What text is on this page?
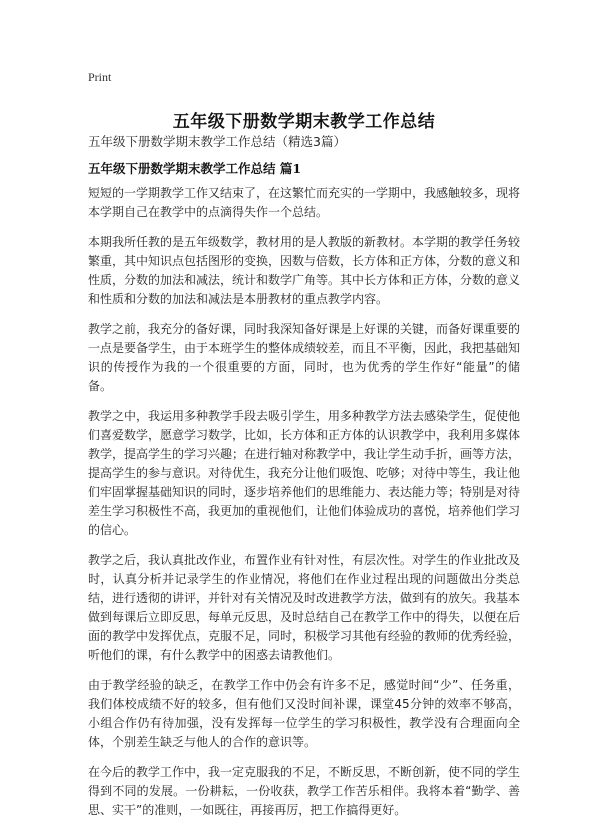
Print
五年级下册数学期末教学工作总结
五年级下册数学期末教学工作总结（精选3篇）
五年级下册数学期末教学工作总结 篇1

短短的一学期教学工作又结束了，在这繁忙而充实的一学期中，我感触较多，现将本学期自己在教学中的点滴得失作一个总结。

本期我所任教的是五年级数学，教材用的是人教版的新教材。本学期的教学任务较繁重，其中知识点包括图形的变换，因数与倍数，长方体和正方体，分数的意义和性质，分数的加法和减法，统计和数学广角等。其中长方体和正方体，分数的意义和性质和分数的加法和减法是本册教材的重点教学内容。

教学之前，我充分的备好课，同时我深知备好课是上好课的关键，而备好课重要的一点是要备学生，由于本班学生的整体成绩较差，而且不平衡，因此，我把基础知识的传授作为我的一个很重要的方面，同时，也为优秀的学生作好“能量”的储备。

教学之中，我运用多种教学手段去吸引学生，用多种教学方法去感染学生，促使他们喜爱数学，愿意学习数学，比如，长方体和正方体的认识教学中，我利用多媒体教学，提高学生的学习兴趣；在进行轴对称教学中，我让学生动手折，画等方法，提高学生的参与意识。对待优生，我充分让他们吸饱、吃够；对待中等生，我让他们牢固掌握基础知识的同时，逐步培养他们的思维能力、表达能力等；特别是对待差生学习积极性不高，我更加的重视他们，让他们体验成功的喜悦，培养他们学习的信心。

教学之后，我认真批改作业，布置作业有针对性，有层次性。对学生的作业批改及时，认真分析并记录学生的作业情况，将他们在作业过程出现的问题做出分类总结，进行透彻的讲评，并针对有关情况及时改进教学方法，做到有的放矢。我基本做到每课后立即反思，每单元反思，及时总结自己在教学工作中的得失，以便在后面的教学中发挥优点，克服不足，同时，积极学习其他有经验的教师的优秀经验，听他们的课，有什么教学中的困惑去请教他们。

由于教学经验的缺乏，在教学工作中仍会有许多不足，感觉时间“少”、任务重，我们体校成绩不好的较多，但有他们又没时间补课，课堂45分钟的效率不够高，小组合作仍有待加强，没有发挥每一位学生的学习积极性，教学没有合理面向全体，个别差生缺乏与他人的合作的意识等。

在今后的教学工作中，我一定克服我的不足，不断反思，不断创新，使不同的学生得到不同的发展。一份耕耘，一份收获，教学工作苦乐相伴。我将本着“勤学、善思、实干”的准则，一如既往，再接再厉，把工作搞得更好。
